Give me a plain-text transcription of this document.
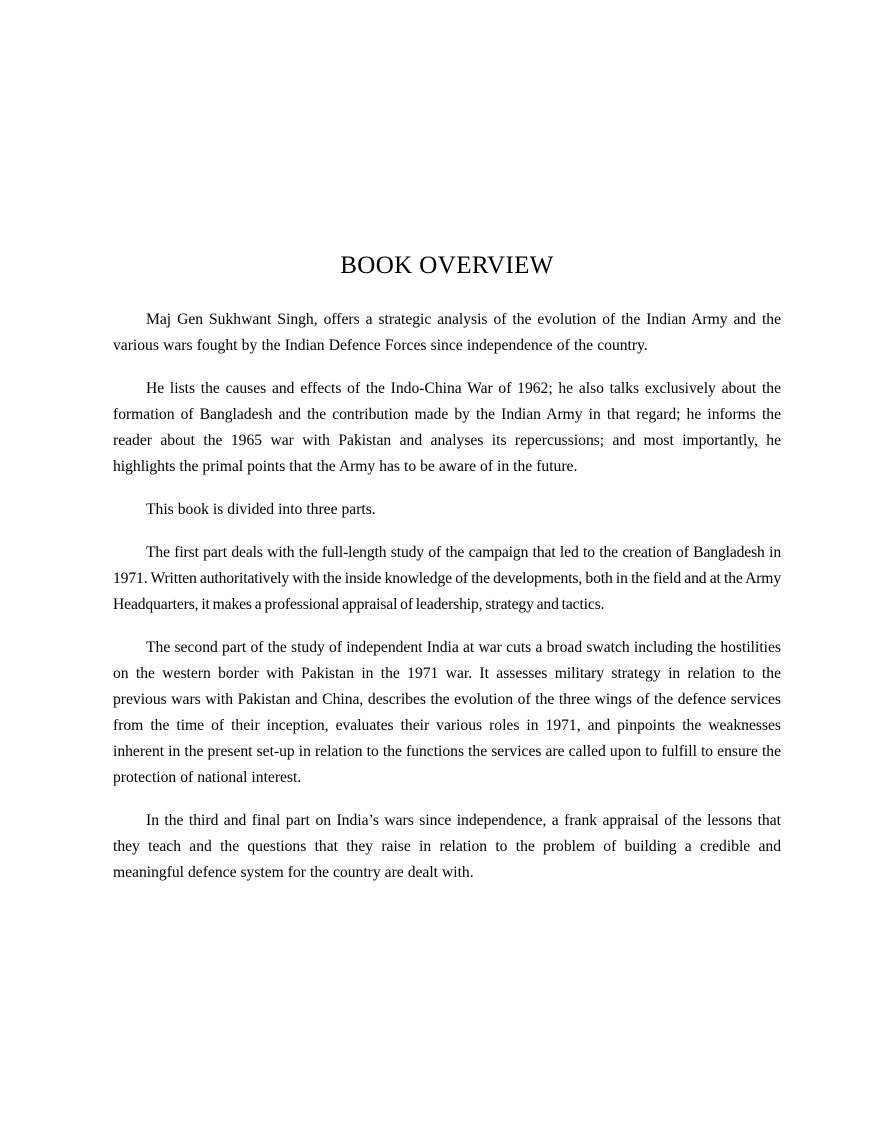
BOOK OVERVIEW

Maj Gen Sukhwant Singh, offers a strategic analysis of the evolution of the Indian Army and the various wars fought by the Indian Defence Forces since independence of the country.

He lists the causes and effects of the Indo-China War of 1962; he also talks exclusively about the formation of Bangladesh and the contribution made by the Indian Army in that regard; he informs the reader about the 1965 war with Pakistan and analyses its repercussions; and most importantly, he highlights the primal points that the Army has to be aware of in the future.

This book is divided into three parts.

The first part deals with the full-length study of the campaign that led to the creation of Bangladesh in 1971. Written authoritatively with the inside knowledge of the developments, both in the field and at the Army Headquarters, it makes a professional appraisal of leadership, strategy and tactics.

The second part of the study of independent India at war cuts a broad swatch including the hostilities on the western border with Pakistan in the 1971 war. It assesses military strategy in relation to the previous wars with Pakistan and China, describes the evolution of the three wings of the defence services from the time of their inception, evaluates their various roles in 1971, and pinpoints the weaknesses inherent in the present set-up in relation to the functions the services are called upon to fulfill to ensure the protection of national interest.

In the third and final part on India’s wars since independence, a frank appraisal of the lessons that they teach and the questions that they raise in relation to the problem of building a credible and meaningful defence system for the country are dealt with.
